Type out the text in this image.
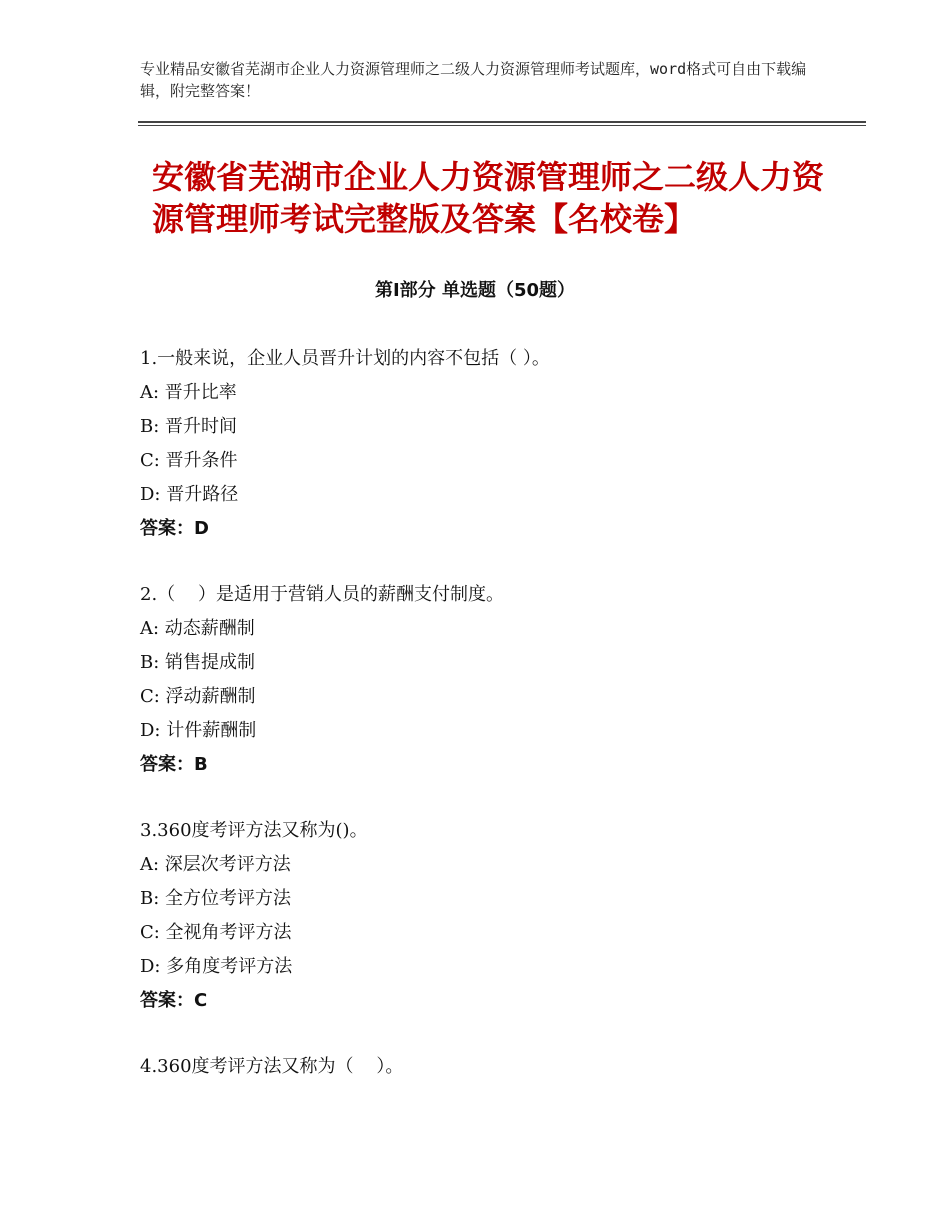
专业精品安徽省芜湖市企业人力资源管理师之二级人力资源管理师考试题库，word格式可自由下载编辑，附完整答案！
安徽省芜湖市企业人力资源管理师之二级人力资源管理师考试完整版及答案【名校卷】
第Ⅰ部分 单选题（50题）
1.一般来说，企业人员晋升计划的内容不包括（ ）。
A: 晋升比率
B: 晋升时间
C: 晋升条件
D: 晋升路径
答案：D
2.（    ）是适用于营销人员的薪酬支付制度。
A: 动态薪酬制
B: 销售提成制
C: 浮动薪酬制
D: 计件薪酬制
答案：B
3.360度考评方法又称为()。
A: 深层次考评方法
B: 全方位考评方法
C: 全视角考评方法
D: 多角度考评方法
答案：C
4.360度考评方法又称为（    ）。
